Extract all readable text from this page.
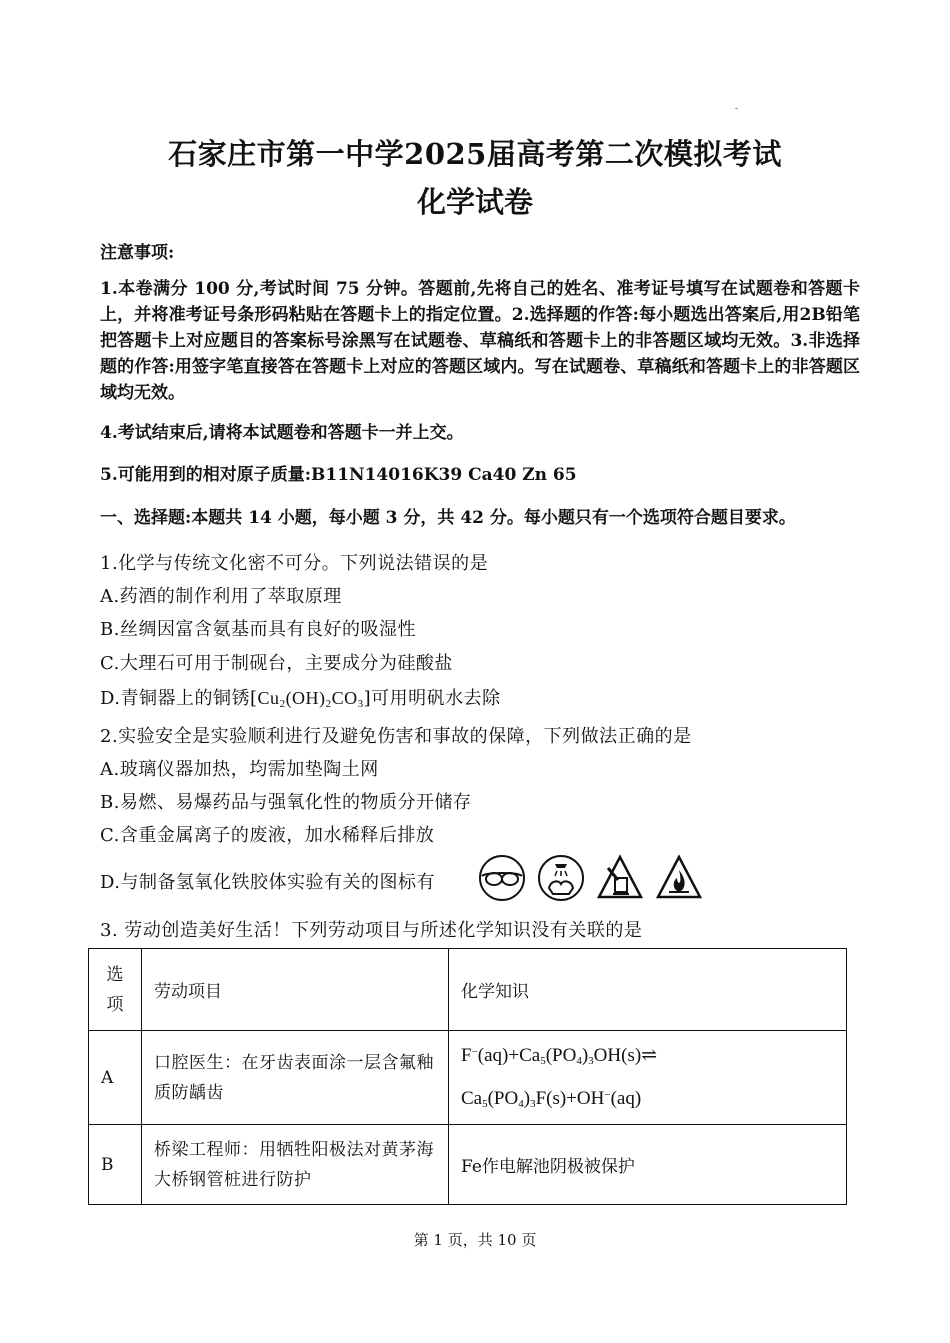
石家庄市第一中学2025届高考第二次模拟考试
化学试卷
注意事项:
1.本卷满分 100 分,考试时间 75 分钟。答题前,先将自己的姓名、准考证号填写在试题卷和答题卡上，并将准考证号条形码粘贴在答题卡上的指定位置。2.选择题的作答:每小题选出答案后,用2B铅笔把答题卡上对应题目的答案标号涂黑写在试题卷、草稿纸和答题卡上的非答题区域均无效。3.非选择题的作答:用签字笔直接答在答题卡上对应的答题区域内。写在试题卷、草稿纸和答题卡上的非答题区域均无效。
4.考试结束后,请将本试题卷和答题卡一并上交。
5.可能用到的相对原子质量:B11N14016K39 Ca40 Zn 65
一、选择题:本题共 14 小题，每小题 3 分，共 42 分。每小题只有一个选项符合题目要求。
1.化学与传统文化密不可分。下列说法错误的是
A.药酒的制作利用了萃取原理
B.丝绸因富含氨基而具有良好的吸湿性
C.大理石可用于制砚台，主要成分为硅酸盐
D.青铜器上的铜锈$[Cu_2(OH)_2CO_3]$可用明矾水去除
2.实验安全是实验顺利进行及避免伤害和事故的保障，下列做法正确的是
A.玻璃仪器加热，均需加垫陶土网
B.易燃、易爆药品与强氧化性的物质分开储存
C.含重金属离子的废液，加水稀释后排放
D.与制备氢氧化铁胶体实验有关的图标有

3. 劳动创造美好生活！下列劳动项目与所述化学知识没有关联的是
选项	劳动项目	化学知识
A	口腔医生：在牙齿表面涂一层含氟釉质防龋齿	$F^-(aq)+Ca_5(PO_4)_3OH(s)\rightleftharpoons$
$Ca_5(PO_4)_3F(s)+OH^-(aq)$
B	桥梁工程师：用牺牲阳极法对黄茅海大桥钢管桩进行防护	Fe作电解池阴极被保护
第 1 页，共 10 页
